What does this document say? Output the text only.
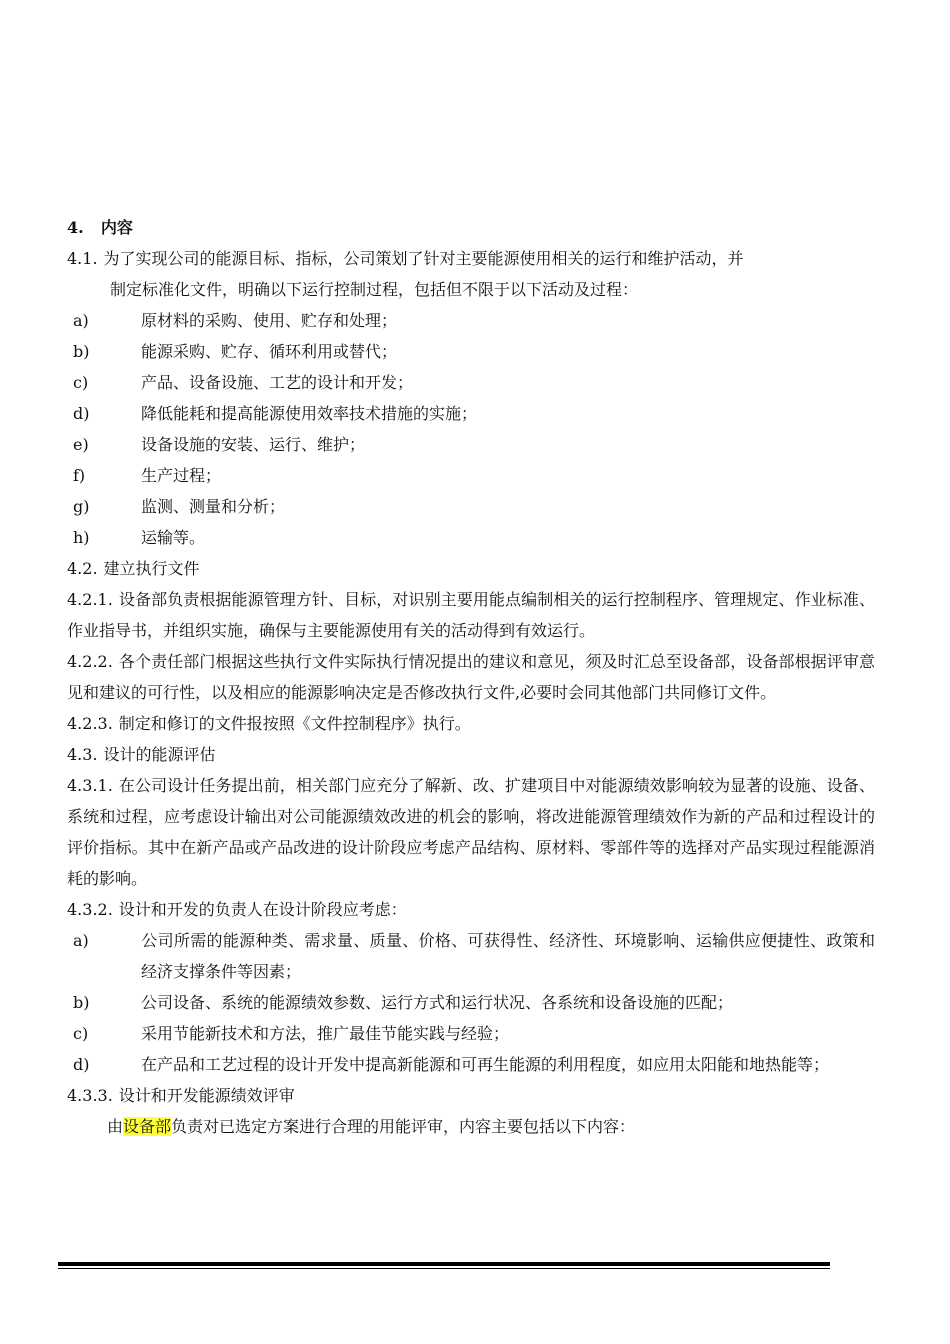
4. 内容
4.1. 为了实现公司的能源目标、指标，公司策划了针对主要能源使用相关的运行和维护活动，并
制定标准化文件，明确以下运行控制过程，包括但不限于以下活动及过程：

a)	原材料的采购、使用、贮存和处理；

b)	能源采购、贮存、循环利用或替代；

c)	产品、设备设施、工艺的设计和开发；

d)	降低能耗和提高能源使用效率技术措施的实施；

e)	设备设施的安装、运行、维护；

f)	生产过程；

g)	监测、测量和分析；

h)	运输等。

4.2. 建立执行文件

4.2.1. 设备部负责根据能源管理方针、目标，对识别主要用能点编制相关的运行控制程序、管理规定、作业标准、作业指导书，并组织实施，确保与主要能源使用有关的活动得到有效运行。

4.2.2. 各个责任部门根据这些执行文件实际执行情况提出的建议和意见，须及时汇总至设备部，设备部根据评审意见和建议的可行性，以及相应的能源影响决定是否修改执行文件,必要时会同其他部门共同修订文件。

4.2.3. 制定和修订的文件报按照《文件控制程序》执行。

4.3. 设计的能源评估

4.3.1. 在公司设计任务提出前，相关部门应充分了解新、改、扩建项目中对能源绩效影响较为显著的设施、设备、系统和过程，应考虑设计输出对公司能源绩效改进的机会的影响，将改进能源管理绩效作为新的产品和过程设计的评价指标。其中在新产品或产品改进的设计阶段应考虑产品结构、原材料、零部件等的选择对产品实现过程能源消耗的影响。

4.3.2. 设计和开发的负责人在设计阶段应考虑：

a)	公司所需的能源种类、需求量、质量、价格、可获得性、经济性、环境影响、运输供应便捷性、政策和经济支撑条件等因素；

b)	公司设备、系统的能源绩效参数、运行方式和运行状况、各系统和设备设施的匹配；

c)	采用节能新技术和方法，推广最佳节能实践与经验；

d)	在产品和工艺过程的设计开发中提高新能源和可再生能源的利用程度，如应用太阳能和地热能等；

4.3.3. 设计和开发能源绩效评审

由设备部负责对已选定方案进行合理的用能评审，内容主要包括以下内容：
